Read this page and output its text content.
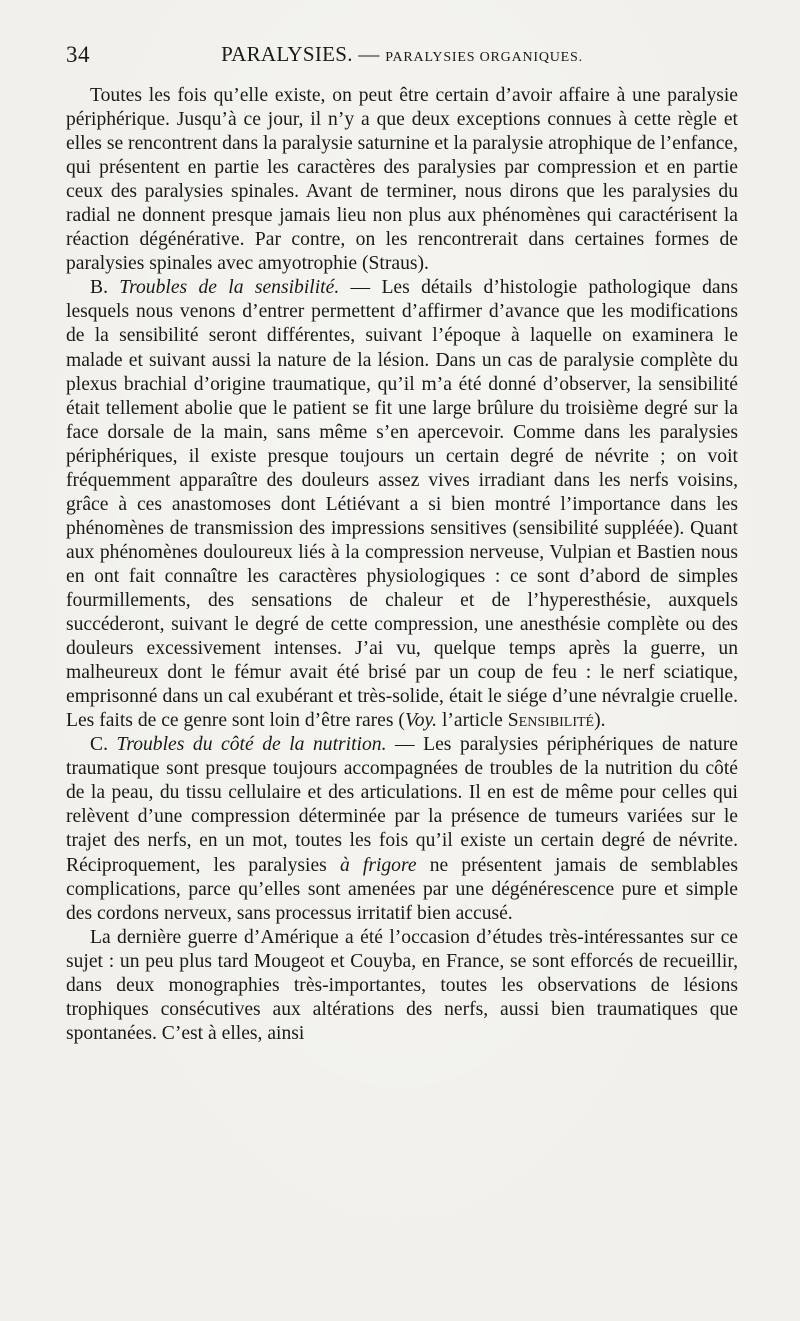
34	PARALYSIES. — PARALYSIES ORGANIQUES.

Toutes les fois qu’elle existe, on peut être certain d’avoir affaire à une paralysie périphérique. Jusqu’à ce jour, il n’y a que deux exceptions connues à cette règle et elles se rencontrent dans la paralysie saturnine et la paralysie atrophique de l’enfance, qui présentent en partie les caractères des paralysies par compression et en partie ceux des paralysies spinales. Avant de terminer, nous dirons que les paralysies du radial ne donnent presque jamais lieu non plus aux phénomènes qui caractérisent la réaction dégénérative. Par contre, on les rencontrerait dans certaines formes de paralysies spinales avec amyotrophie (Straus).

B. Troubles de la sensibilité. — Les détails d’histologie pathologique dans lesquels nous venons d’entrer permettent d’affirmer d’avance que les modifications de la sensibilité seront différentes, suivant l’époque à laquelle on examinera le malade et suivant aussi la nature de la lésion. Dans un cas de paralysie complète du plexus brachial d’origine traumatique, qu’il m’a été donné d’observer, la sensibilité était tellement abolie que le patient se fit une large brûlure du troisième degré sur la face dorsale de la main, sans même s’en apercevoir. Comme dans les paralysies périphériques, il existe presque toujours un certain degré de névrite ; on voit fréquemment apparaître des douleurs assez vives irradiant dans les nerfs voisins, grâce à ces anastomoses dont Létiévant a si bien montré l’importance dans les phénomènes de transmission des impressions sensitives (sensibilité suppléée). Quant aux phénomènes douloureux liés à la compression nerveuse, Vulpian et Bastien nous en ont fait connaître les caractères physiologiques : ce sont d’abord de simples fourmillements, des sensations de chaleur et de l’hyperesthésie, auxquels succéderont, suivant le degré de cette compression, une anesthésie complète ou des douleurs excessivement intenses. J’ai vu, quelque temps après la guerre, un malheureux dont le fémur avait été brisé par un coup de feu : le nerf sciatique, emprisonné dans un cal exubérant et très-solide, était le siége d’une névralgie cruelle. Les faits de ce genre sont loin d’être rares (Voy. l’article Sensibilité).

C. Troubles du côté de la nutrition. — Les paralysies périphériques de nature traumatique sont presque toujours accompagnées de troubles de la nutrition du côté de la peau, du tissu cellulaire et des articulations. Il en est de même pour celles qui relèvent d’une compression déterminée par la présence de tumeurs variées sur le trajet des nerfs, en un mot, toutes les fois qu’il existe un certain degré de névrite. Réciproquement, les paralysies à frigore ne présentent jamais de semblables complications, parce qu’elles sont amenées par une dégénérescence pure et simple des cordons nerveux, sans processus irritatif bien accusé.

La dernière guerre d’Amérique a été l’occasion d’études très-intéressantes sur ce sujet : un peu plus tard Mougeot et Couyba, en France, se sont efforcés de recueillir, dans deux monographies très-importantes, toutes les observations de lésions trophiques consécutives aux altérations des nerfs, aussi bien traumatiques que spontanées. C’est à elles, ainsi
